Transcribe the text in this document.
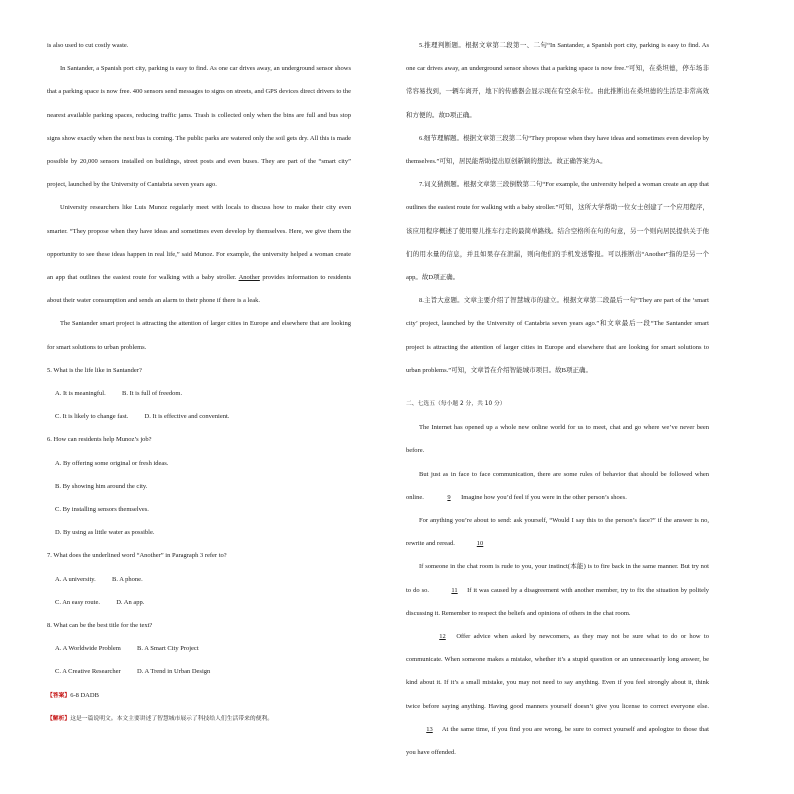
is also used to cut costly waste.

In Santander, a Spanish port city, parking is easy to find. As one car drives away, an underground sensor shows that a parking space is now free. 400 sensors send messages to signs on streets, and GPS devices direct drivers to the nearest available parking spaces, reducing traffic jams. Trash is collected only when the bins are full and bus stop signs show exactly when the next bus is coming. The public parks are watered only the soil gets dry. All this is made possible by 20,000 sensors installed on buildings, street posts and even buses. They are part of the “smart city” project, launched by the University of Cantabria seven years ago.

University researchers like Luis Munoz regularly meet with locals to discuss how to make their city even smarter. “They propose when they have ideas and sometimes even develop by themselves. Here, we give them the opportunity to see these ideas happen in real life,” said Munoz. For example, the university helped a woman create an app that outlines the easiest route for walking with a baby stroller. Another provides information to residents about their water consumption and sends an alarm to their phone if there is a leak.

The Santander smart project is attracting the attention of larger cities in Europe and elsewhere that are looking for smart solutions to urban problems.

5. What is the life like in Santander?

A. It is meaningful.          B. It is full of freedom.

C. It is likely to change fast.          D. It is effective and convenient.

6. How can residents help Munoz’s job?

A. By offering some original or fresh ideas.

B. By showing him around the city.

C. By installing sensors themselves.

D. By using as little water as possible.

7. What does the underlined word “Another” in Paragraph 3 refer to?

A. A university.          B. A phone.

C. An easy route.          D. An app.

8. What can be the best title for the text?

A. A Worldwide Problem          B. A Smart City Project

C. A Creative Researcher          D. A Trend in Urban Design

【答案】6-8 DADB

【解析】这是一篇说明文。本文主要讲述了智慧城市展示了科技给人们生活带来的便利。

5.推理判断题。根据文章第二段第一、二句“In Santander, a Spanish port city, parking is easy to find. As one car drives away, an underground sensor shows that a parking space is now free.”可知，在桑坦德，停车场非常容易找到，一辆车离开，地下的传感器会显示现在有空余车位。由此推断出在桑坦德的生活是非常高效和方便的。故D项正确。

6.细节理解题。根据文章第三段第二句“They propose when they have ideas and sometimes even develop by themselves.”可知，居民能帮助提出原创新颖的想法。故正确答案为A。

7.词义猜测题。根据文章第三段倒数第二句“For example, the university helped a woman create an app that outlines the easiest route for walking with a baby stroller.”可知，这所大学帮助一位女士创建了一个应用程序，该应用程序概述了使用婴儿推车行走的最简单路线。结合空格所在句的句意，另一个则向居民提供关于他们的用水量的信息，并且如果存在泄漏，则向他们的手机发送警报。可以推断出“Another”指的是另一个app。故D项正确。

8.主旨大意题。文章主要介绍了智慧城市的建立。根据文章第二段最后一句“They are part of the ‘smart city’ project, launched by the University of Cantabria seven years ago.”和文章最后一段“The Santander smart project is attracting the attention of larger cities in Europe and elsewhere that are looking for smart solutions to urban problems.”可知，文章旨在介绍智能城市项目。故B项正确。

二、七选五（每小题 2 分，共 10 分）

The Internet has opened up a whole new online world for us to meet, chat and go where we’ve never been before.

But just as in face to face communication, there are some rules of behavior that should be followed when online.	9 Imagine how you’d feel if you were in the other person’s shoes.

For anything you’re about to send: ask yourself, “Would I say this to the person’s face?” if the answer is no, rewrite and reread.	10

If someone in the chat room is rude to you, your instinct(本能) is to fire back in the same manner. But try not to do so.	11 If it was caused by a disagreement with another member, try to fix the situation by politely discussing it. Remember to respect the beliefs and opinions of others in the chat room.

12 Offer advice when asked by newcomers, as they may not be sure what to do or how to communicate. When someone makes a mistake, whether it’s a stupid question or an unnecessarily long answer, be kind about it. If it’s a small mistake, you may not need to say anything. Even if you feel strongly about it, think twice before saying anything. Having good manners yourself doesn’t give you license to correct everyone else. 13 At the same time, if you find you are wrong, be sure to correct yourself and apologize to those that you have offended.
